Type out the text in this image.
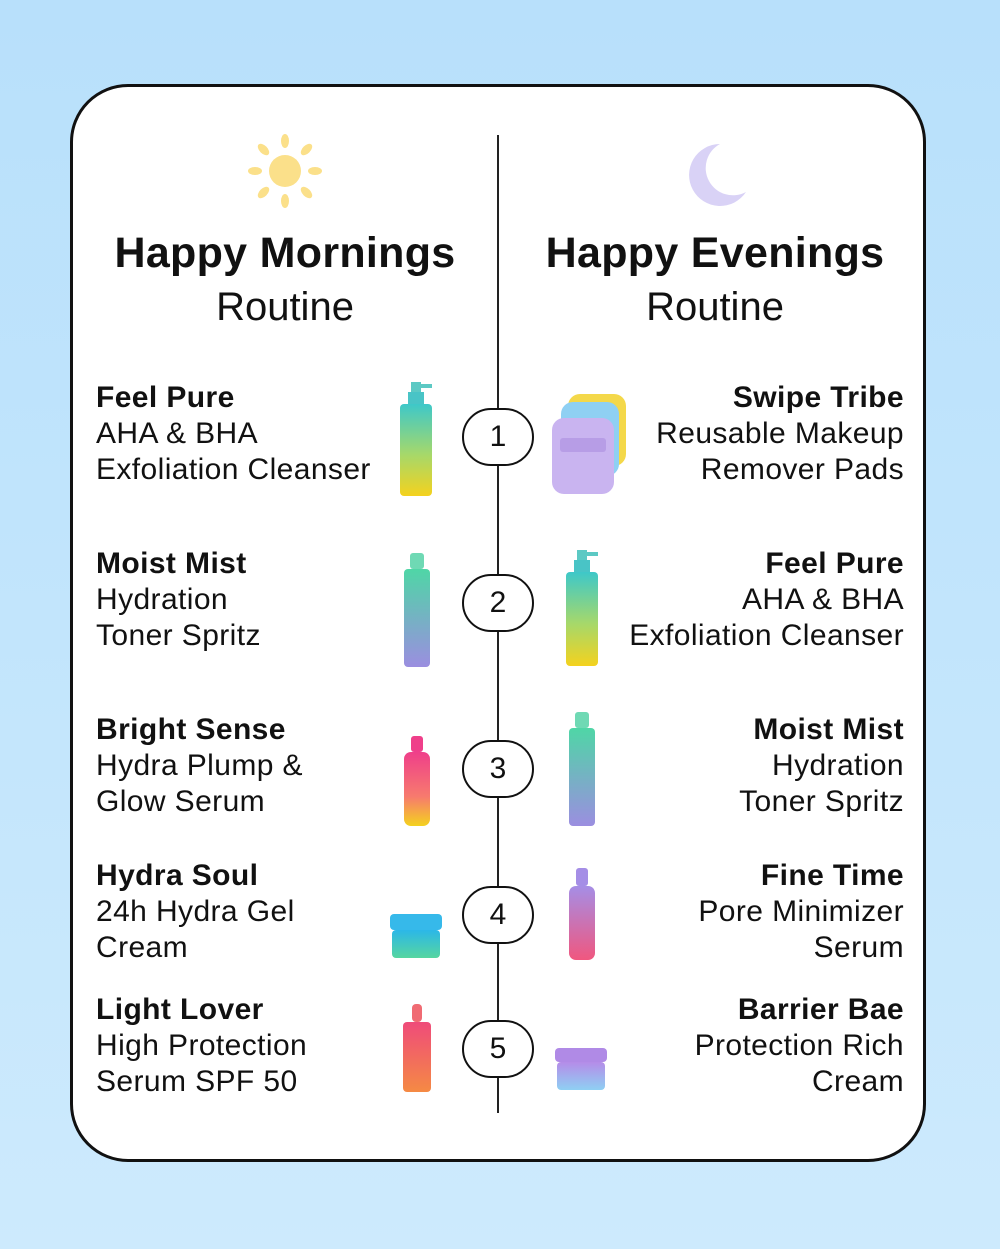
Happy Mornings
Routine
Happy Evenings
Routine
Feel Pure
AHA & BHA
Exfoliation Cleanser
Moist Mist
Hydration
Toner Spritz
Bright Sense
Hydra Plump &
Glow Serum
Hydra Soul
24h Hydra Gel
Cream
Light Lover
High Protection
Serum SPF 50
Swipe Tribe
Reusable Makeup
Remover Pads
Feel Pure
AHA & BHA
Exfoliation Cleanser
Moist Mist
Hydration
Toner Spritz
Fine Time
Pore Minimizer
Serum
Barrier Bae
Protection Rich
Cream
1
2
3
4
5
